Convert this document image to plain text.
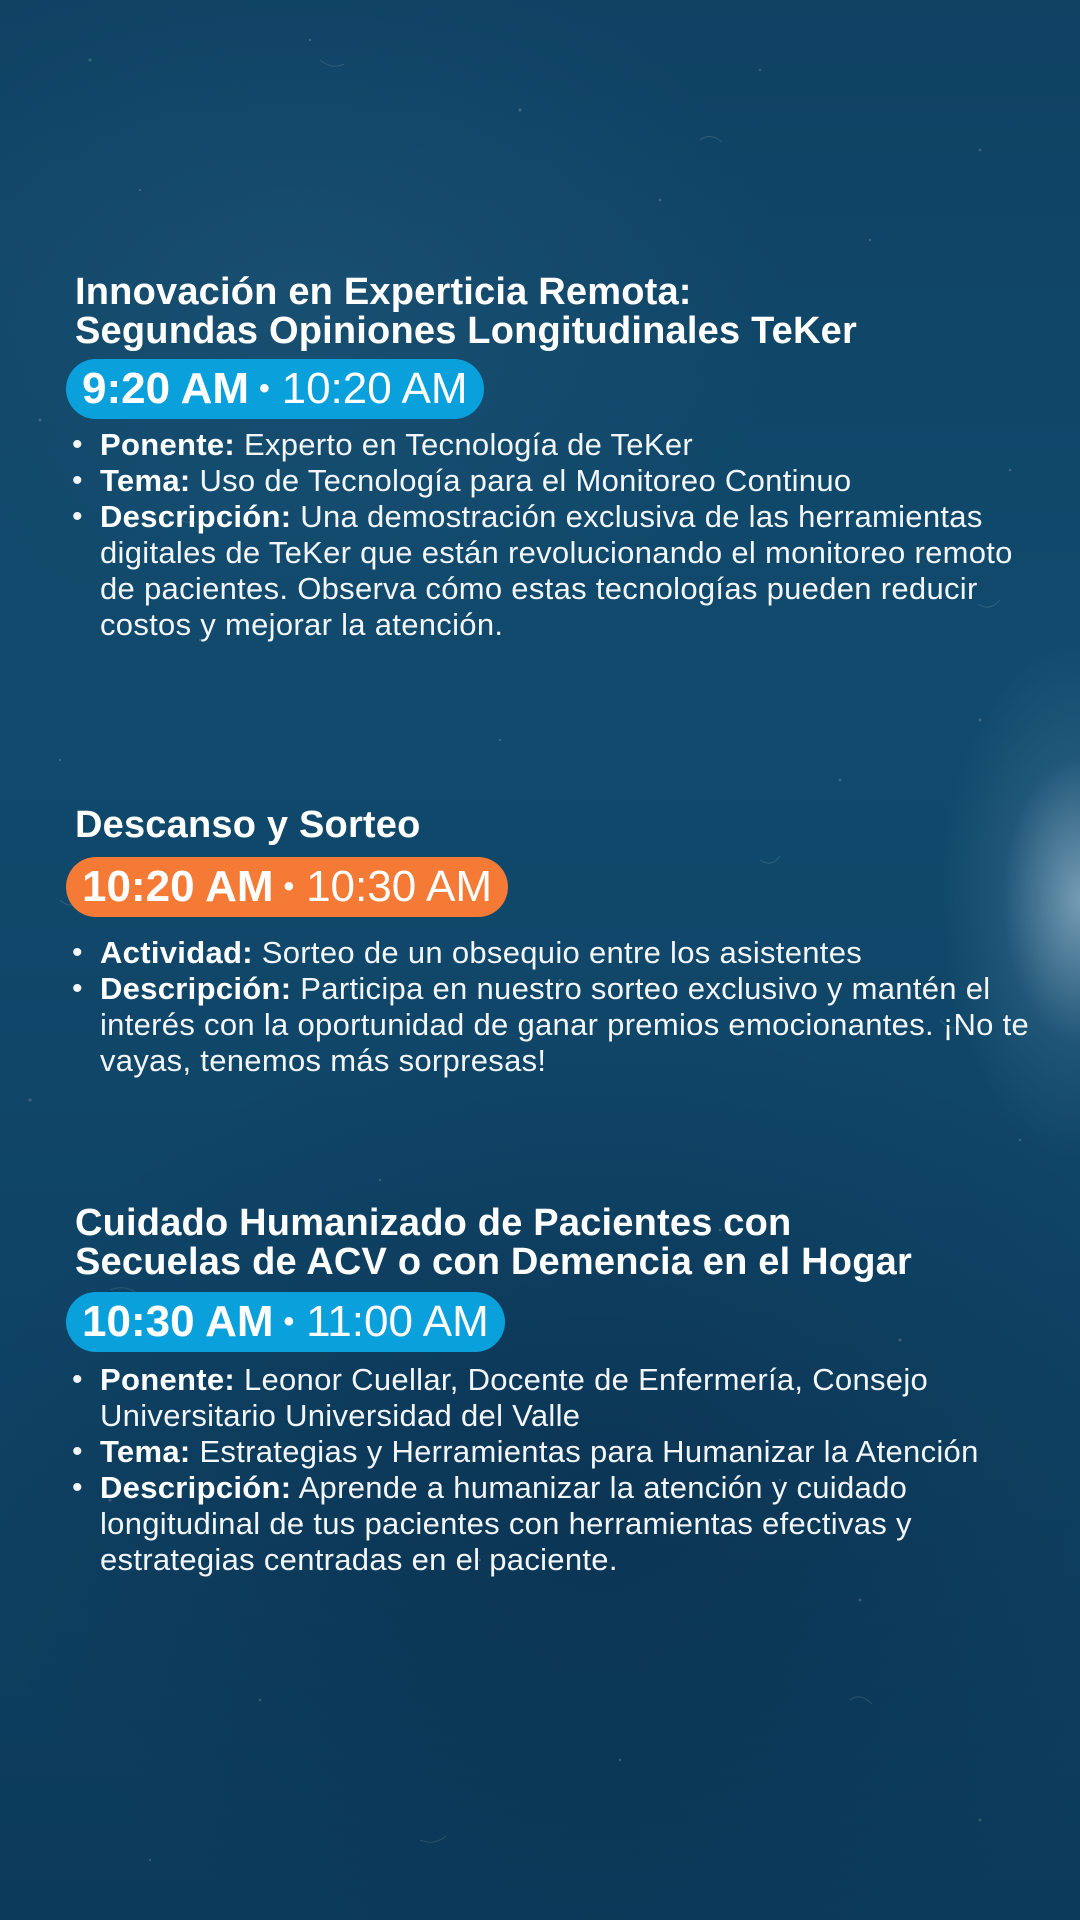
Innovación en Experticia Remota:
Segundas Opiniones Longitudinales TeKer
9:20 AM • 10:20 AM
• Ponente: Experto en Tecnología de TeKer
• Tema: Uso de Tecnología para el Monitoreo Continuo
• Descripción: Una demostración exclusiva de las herramientas digitales de TeKer que están revolucionando el monitoreo remoto de pacientes. Observa cómo estas tecnologías pueden reducir costos y mejorar la atención.
Descanso y Sorteo
10:20 AM • 10:30 AM
• Actividad: Sorteo de un obsequio entre los asistentes
• Descripción: Participa en nuestro sorteo exclusivo y mantén el interés con la oportunidad de ganar premios emocionantes. ¡No te vayas, tenemos más sorpresas!
Cuidado Humanizado de Pacientes con
Secuelas de ACV o con Demencia en el Hogar
10:30 AM • 11:00 AM
• Ponente: Leonor Cuellar, Docente de Enfermería, Consejo Universitario Universidad del Valle
• Tema: Estrategias y Herramientas para Humanizar la Atención
• Descripción: Aprende a humanizar la atención y cuidado longitudinal de tus pacientes con herramientas efectivas y estrategias centradas en el paciente.
